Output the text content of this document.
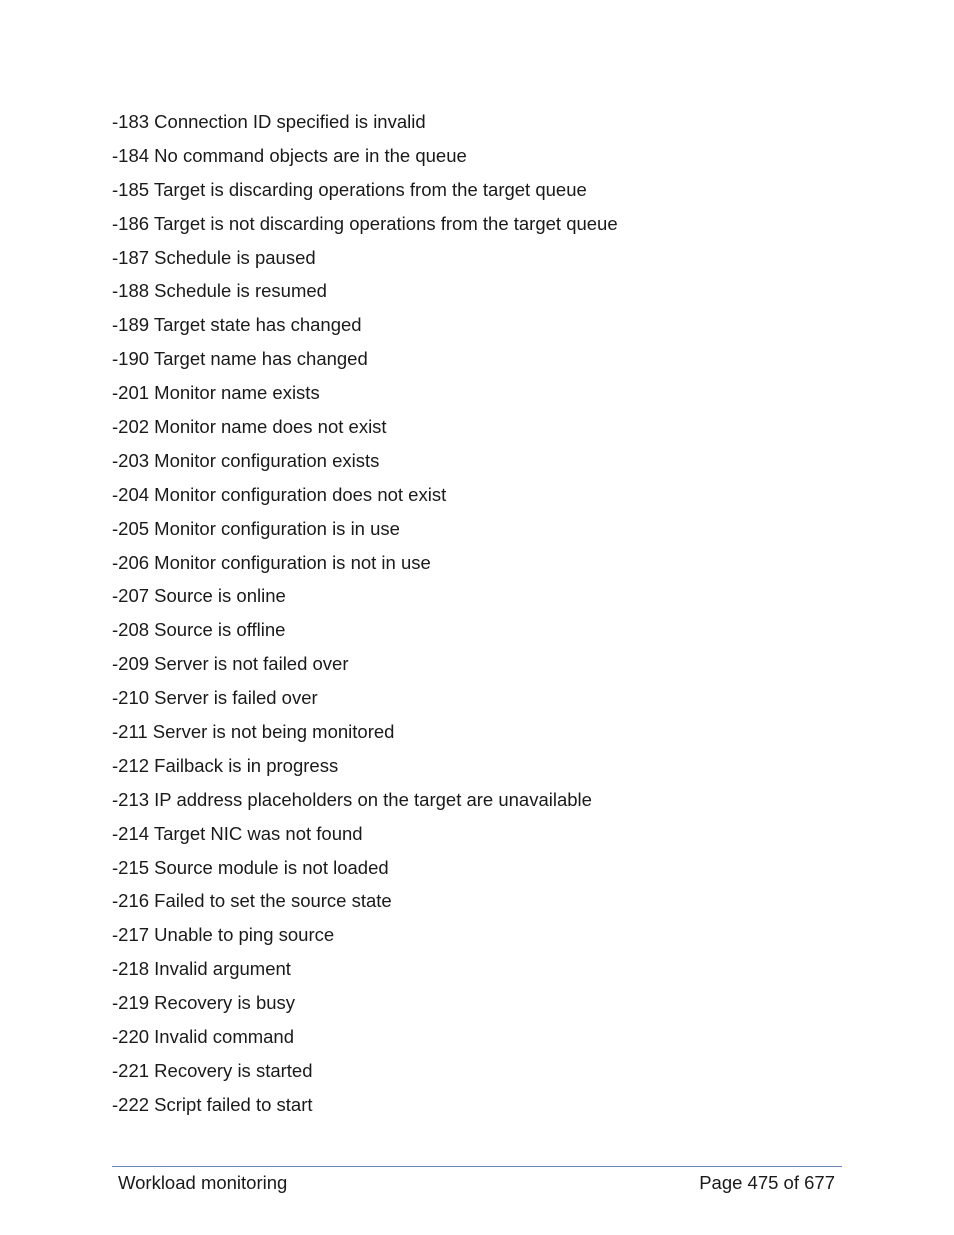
-183 Connection ID specified is invalid
-184 No command objects are in the queue
-185 Target is discarding operations from the target queue
-186 Target is not discarding operations from the target queue
-187 Schedule is paused
-188 Schedule is resumed
-189 Target state has changed
-190 Target name has changed
-201 Monitor name exists
-202 Monitor name does not exist
-203 Monitor configuration exists
-204 Monitor configuration does not exist
-205 Monitor configuration is in use
-206 Monitor configuration is not in use
-207 Source is online
-208 Source is offline
-209 Server is not failed over
-210 Server is failed over
-211 Server is not being monitored
-212 Failback is in progress
-213 IP address placeholders on the target are unavailable
-214 Target NIC was not found
-215 Source module is not loaded
-216 Failed to set the source state
-217 Unable to ping source
-218 Invalid argument
-219 Recovery is busy
-220 Invalid command
-221 Recovery is started
-222 Script failed to start
Workload monitoring	Page 475 of 677
